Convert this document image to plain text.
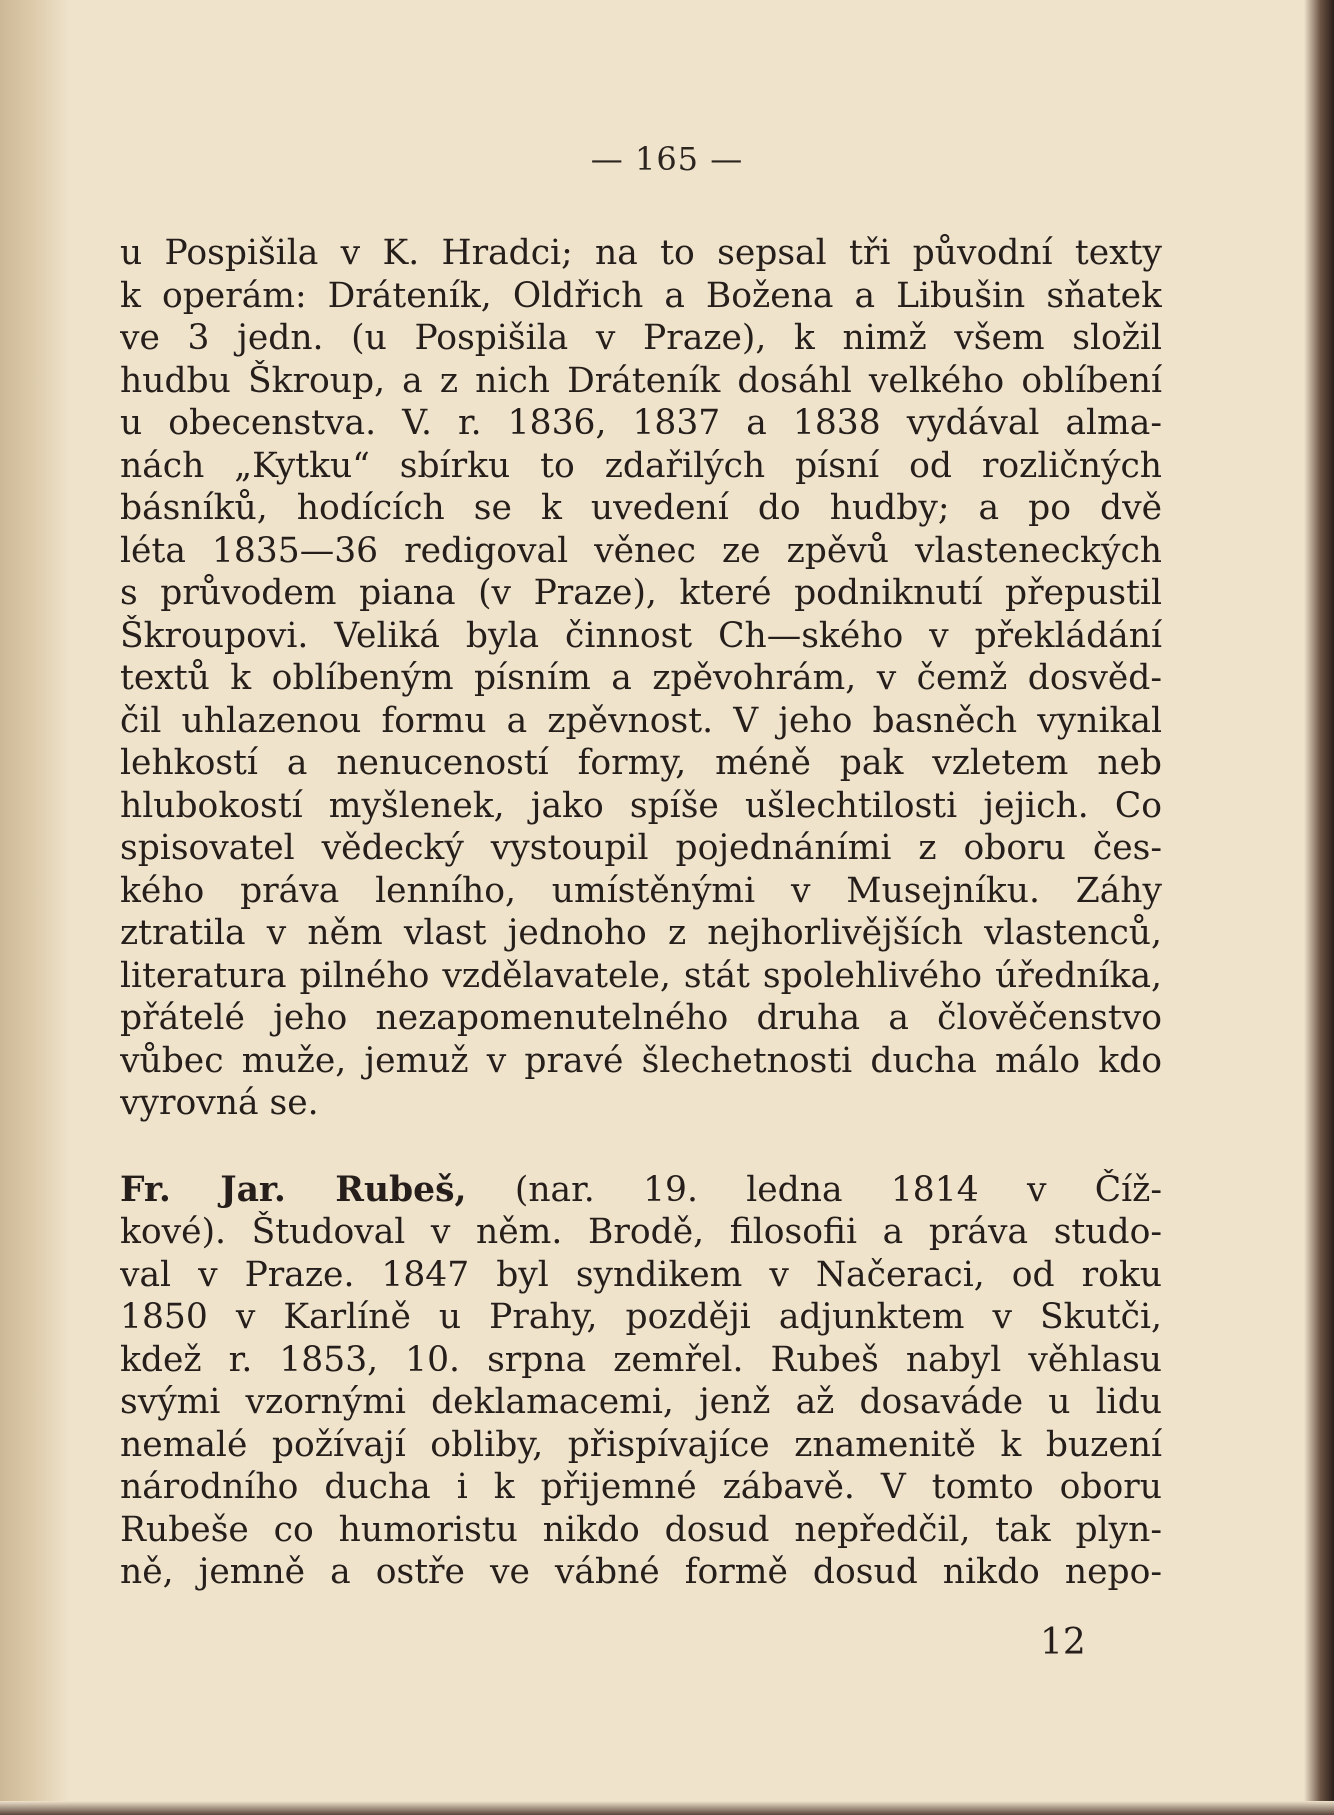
— 165 —
u Pospišila v K. Hradci; na to sepsal tři původní texty
k operám: Dráteník, Oldřich a Božena a Libušin sňatek
ve 3 jedn. (u Pospišila v Praze), k nimž všem složil
hudbu Škroup, a z nich Dráteník dosáhl velkého oblíbení
u obecenstva. V. r. 1836, 1837 a 1838 vydával alma-
nách „Kytku“ sbírku to zdařilých písní od rozličných
básníků, hodících se k uvedení do hudby; a po dvě
léta 1835—36 redigoval věnec ze zpěvů vlasteneckých
s průvodem piana (v Praze), které podniknutí přepustil
Škroupovi. Veliká byla činnost Ch—ského v překládání
textů k oblíbeným písním a zpěvohrám, v čemž dosvěd-
čil uhlazenou formu a zpěvnost. V jeho basněch vynikal
lehkostí a nenuceností formy, méně pak vzletem neb
hlubokostí myšlenek, jako spíše ušlechtilosti jejich. Co
spisovatel vědecký vystoupil pojednáními z oboru čes-
kého práva lenního, umístěnými v Musejníku. Záhy
ztratila v něm vlast jednoho z nejhorlivějších vlastenců,
literatura pilného vzdělavatele, stát spolehlivého úředníka,
přátelé jeho nezapomenutelného druha a člověčenstvo
vůbec muže, jemuž v pravé šlechetnosti ducha málo kdo
vyrovná se.
Fr. Jar. Rubeš, (nar. 19. ledna 1814 v Číž-
kové). Študoval v něm. Brodě, filosofii a práva studo-
val v Praze. 1847 byl syndikem v Načeraci, od roku
1850 v Karlíně u Prahy, později adjunktem v Skutči,
kdež r. 1853, 10. srpna zemřel. Rubeš nabyl věhlasu
svými vzornými deklamacemi, jenž až dosaváde u lidu
nemalé požívají obliby, přispívajíce znamenitě k buzení
národního ducha i k přijemné zábavě. V tomto oboru
Rubeše co humoristu nikdo dosud nepředčil, tak plyn-
ně, jemně a ostře ve vábné formě dosud nikdo nepo-
12
